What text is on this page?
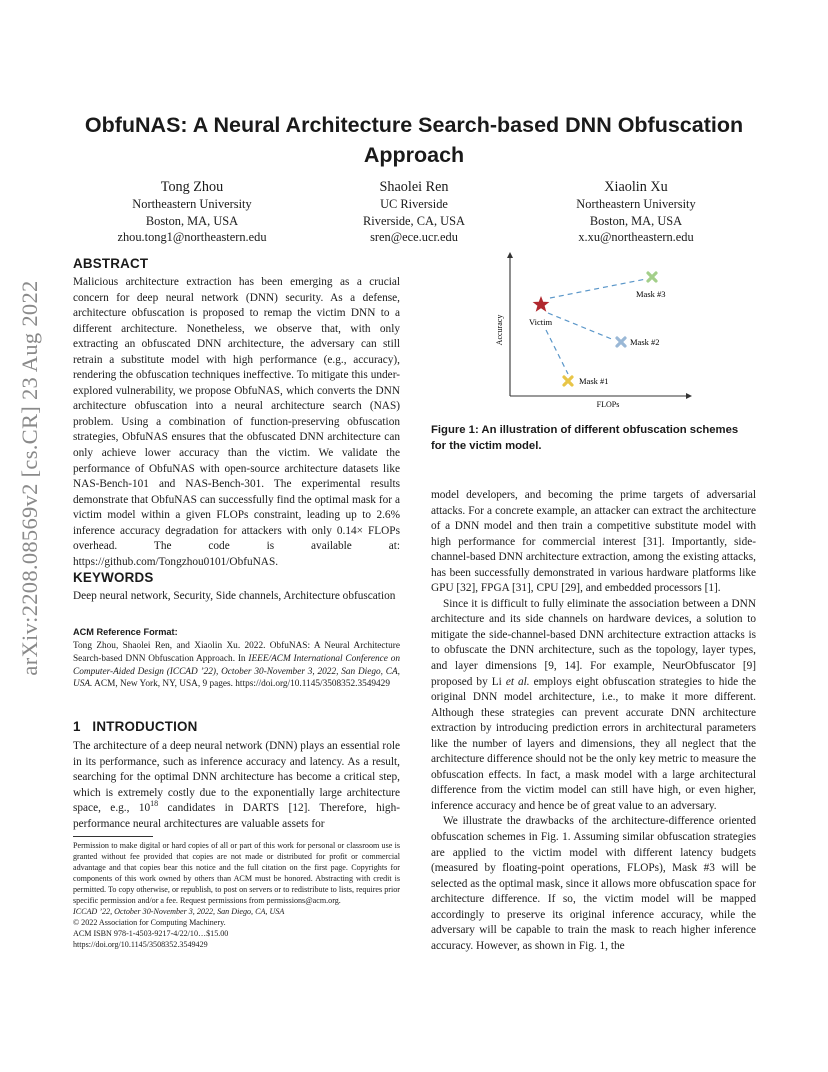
arXiv:2208.08569v2 [cs.CR] 23 Aug 2022
ObfuNAS: A Neural Architecture Search-based DNN Obfuscation Approach
Tong Zhou
Northeastern University
Boston, MA, USA
zhou.tong1@northeastern.edu
Shaolei Ren
UC Riverside
Riverside, CA, USA
sren@ece.ucr.edu
Xiaolin Xu
Northeastern University
Boston, MA, USA
x.xu@northeastern.edu
ABSTRACT

Malicious architecture extraction has been emerging as a crucial concern for deep neural network (DNN) security. As a defense, architecture obfuscation is proposed to remap the victim DNN to a different architecture. Nonetheless, we observe that, with only extracting an obfuscated DNN architecture, the adversary can still retrain a substitute model with high performance (e.g., accuracy), rendering the obfuscation techniques ineffective. To mitigate this under-explored vulnerability, we propose ObfuNAS, which converts the DNN architecture obfuscation into a neural architecture search (NAS) problem. Using a combination of function-preserving obfuscation strategies, ObfuNAS ensures that the obfuscated DNN architecture can only achieve lower accuracy than the victim. We validate the performance of ObfuNAS with open-source architecture datasets like NAS-Bench-101 and NAS-Bench-301. The experimental results demonstrate that ObfuNAS can successfully find the optimal mask for a victim model within a given FLOPs constraint, leading up to 2.6% inference accuracy degradation for attackers with only 0.14× FLOPs overhead. The code is available at: https://github.com/Tongzhou0101/ObfuNAS.

KEYWORDS
Deep neural network, Security, Side channels, Architecture obfuscation
ACM Reference Format:
Tong Zhou, Shaolei Ren, and Xiaolin Xu. 2022. ObfuNAS: A Neural Architecture Search-based DNN Obfuscation Approach. In IEEE/ACM International Conference on Computer-Aided Design (ICCAD ’22), October 30-November 3, 2022, San Diego, CA, USA. ACM, New York, NY, USA, 9 pages. https://doi.org/10.1145/3508352.3549429
1 INTRODUCTION

The architecture of a deep neural network (DNN) plays an essential role in its performance, such as inference accuracy and latency. As a result, searching for the optimal DNN architecture has become a critical step, which is extremely costly due to the exponentially large architecture space, e.g., $10^{18}$ candidates in DARTS [12]. Therefore, high-performance neural architectures are valuable assets for

Permission to make digital or hard copies of all or part of this work for personal or classroom use is granted without fee provided that copies are not made or distributed for profit or commercial advantage and that copies bear this notice and the full citation on the first page. Copyrights for components of this work owned by others than ACM must be honored. Abstracting with credit is permitted. To copy otherwise, or republish, to post on servers or to redistribute to lists, requires prior specific permission and/or a fee. Request permissions from permissions@acm.org.
ICCAD ’22, October 30-November 3, 2022, San Diego, CA, USA
© 2022 Association for Computing Machinery.
ACM ISBN 978-1-4503-9217-4/22/10…$15.00
https://doi.org/10.1145/3508352.3549429
Accuracy
FLOPs
Victim
Mask #3
Mask #2
Mask #1
Figure 1: An illustration of different obfuscation schemes for the victim model.

model developers, and becoming the prime targets of adversarial attacks. For a concrete example, an attacker can extract the architecture of a DNN model and then train a competitive substitute model with high performance for commercial interest [31]. Importantly, side-channel-based DNN architecture extraction, among the existing attacks, has been successfully demonstrated in various hardware platforms like GPU [32], FPGA [31], CPU [29], and embedded processors [1].

Since it is difficult to fully eliminate the association between a DNN architecture and its side channels on hardware devices, a solution to mitigate the side-channel-based DNN architecture extraction attacks is to obfuscate the DNN architecture, such as the topology, layer types, and layer dimensions [9, 14]. For example, NeurObfuscator [9] proposed by Li et al. employs eight obfuscation strategies to hide the original DNN model architecture, i.e., to make it more different. Although these strategies can prevent accurate DNN architecture extraction by introducing prediction errors in architectural parameters like the number of layers and dimensions, they all neglect that the architecture difference should not be the only key metric to measure the obfuscation effects. In fact, a mask model with a large architectural difference from the victim model can still have high, or even higher, inference accuracy and hence be of great value to an adversary.

We illustrate the drawbacks of the architecture-difference oriented obfuscation schemes in Fig. 1. Assuming similar obfuscation strategies are applied to the victim model with different latency budgets (measured by floating-point operations, FLOPs), Mask #3 will be selected as the optimal mask, since it allows more obfuscation space for architecture difference. If so, the victim model will be mapped accordingly to preserve its original inference accuracy, while the adversary will be capable to train the mask to reach higher inference accuracy. However, as shown in Fig. 1, the
